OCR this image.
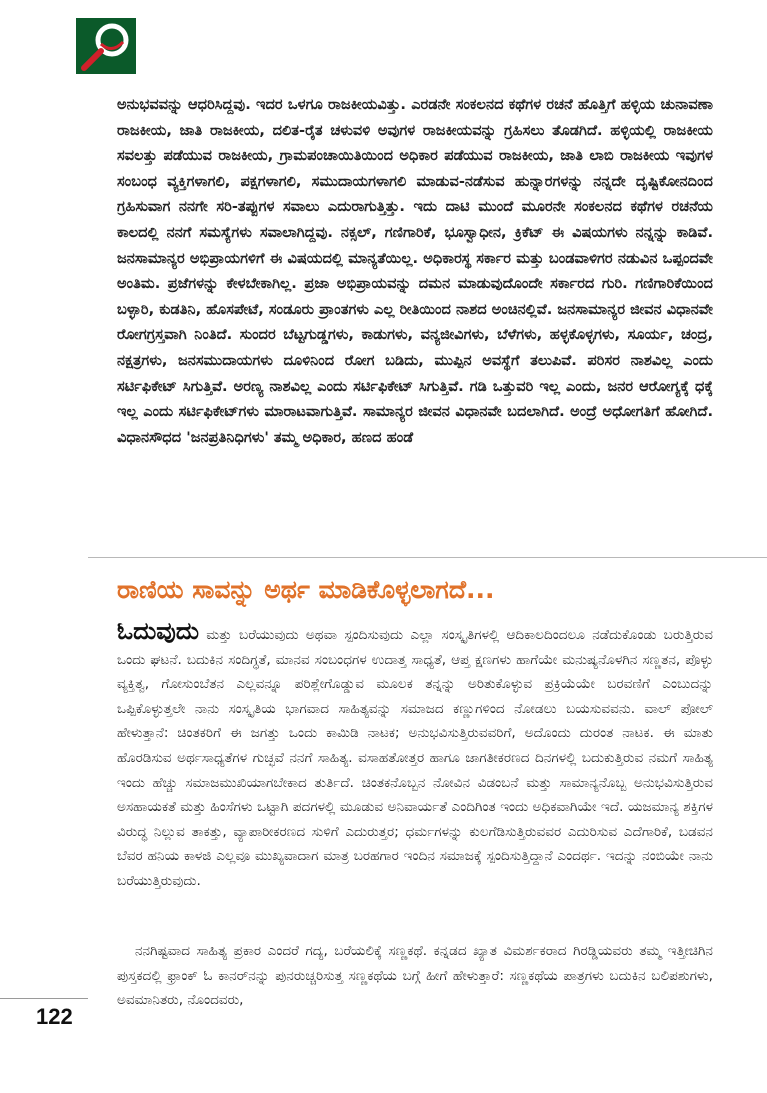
ಅನುಭವವನ್ನು ಆಧರಿಸಿದ್ದವು. ಇದರ ಒಳಗೂ ರಾಜಕೀಯವಿತ್ತು. ಎರಡನೇ ಸಂಕಲನದ ಕಥೆಗಳ ರಚನೆ ಹೊತ್ತಿಗೆ ಹಳ್ಳಿಯ ಚುನಾವಣಾ ರಾಜಕೀಯ, ಜಾತಿ ರಾಜಕೀಯ, ದಲಿತ-ರೈತ ಚಳುವಳಿ ಅವುಗಳ ರಾಜಕೀಯವನ್ನು ಗ್ರಹಿಸಲು ತೊಡಗಿದೆ. ಹಳ್ಳಿಯಲ್ಲಿ ರಾಜಕೀಯ ಸವಲತ್ತು ಪಡೆಯುವ ರಾಜಕೀಯ, ಗ್ರಾಮಪಂಚಾಯಿತಿಯಿಂದ ಅಧಿಕಾರ ಪಡೆಯುವ ರಾಜಕೀಯ, ಜಾತಿ ಲಾಬಿ ರಾಜಕೀಯ ಇವುಗಳ ಸಂಬಂಧ ವ್ಯಕ್ತಿಗಳಾಗಲಿ, ಪಕ್ಷಗಳಾಗಲಿ, ಸಮುದಾಯಗಳಾಗಲಿ ಮಾಡುವ-ನಡೆಸುವ ಹುನ್ನಾರಗಳನ್ನು ನನ್ನದೇ ದೃಷ್ಟಿಕೋನದಿಂದ ಗ್ರಹಿಸುವಾಗ ನನಗೇ ಸರಿ-ತಪ್ಪುಗಳ ಸವಾಲು ಎದುರಾಗುತ್ತಿತ್ತು. ಇದು ದಾಟಿ ಮುಂದೆ ಮೂರನೇ ಸಂಕಲನದ ಕಥೆಗಳ ರಚನೆಯ ಕಾಲದಲ್ಲಿ ನನಗೆ ಸಮಸ್ಯೆಗಳು ಸವಾಲಾಗಿದ್ದವು. ನಕ್ಸಲ್, ಗಣಿಗಾರಿಕೆ, ಭೂಸ್ವಾಧೀನ, ಕ್ರಿಕೆಟ್ ಈ ವಿಷಯಗಳು ನನ್ನನ್ನು ಕಾಡಿವೆ. ಜನಸಾಮಾನ್ಯರ ಅಭಿಪ್ರಾಯಗಳಿಗೆ ಈ ವಿಷಯದಲ್ಲಿ ಮಾನ್ಯತೆಯಿಲ್ಲ. ಅಧಿಕಾರಸ್ಥ ಸರ್ಕಾರ ಮತ್ತು ಬಂಡವಾಳಿಗರ ನಡುವಿನ ಒಪ್ಪಂದವೇ ಅಂತಿಮ. ಪ್ರಜೆಗಳನ್ನು ಕೇಳಬೇಕಾಗಿಲ್ಲ. ಪ್ರಜಾ ಅಭಿಪ್ರಾಯವನ್ನು ದಮನ ಮಾಡುವುದೊಂದೇ ಸರ್ಕಾರದ ಗುರಿ. ಗಣಿಗಾರಿಕೆಯಿಂದ ಬಳ್ಳಾರಿ, ಕುಡತಿನಿ, ಹೊಸಪೇಟೆ, ಸಂಡೂರು ಪ್ರಾಂತಗಳು ಎಲ್ಲ ರೀತಿಯಿಂದ ನಾಶದ ಅಂಚಿನಲ್ಲಿವೆ. ಜನಸಾಮಾನ್ಯರ ಜೀವನ ವಿಧಾನವೇ ರೋಗಗ್ರಸ್ತವಾಗಿ ನಿಂತಿದೆ. ಸುಂದರ ಬೆಟ್ಟಗುಡ್ಡಗಳು, ಕಾಡುಗಳು, ವನ್ಯಜೀವಿಗಳು, ಬೆಳೆಗಳು, ಹಳ್ಳಕೊಳ್ಳಗಳು, ಸೂರ್ಯ, ಚಂದ್ರ, ನಕ್ಷತ್ರಗಳು, ಜನಸಮುದಾಯಗಳು ದೂಳಿನಿಂದ ರೋಗ ಬಡಿದು, ಮುಪ್ಪಿನ ಅವಸ್ಥೆಗೆ ತಲುಪಿವೆ. ಪರಿಸರ ನಾಶವಿಲ್ಲ ಎಂದು ಸರ್ಟಿಫಿಕೇಟ್ ಸಿಗುತ್ತಿವೆ. ಅರಣ್ಯ ನಾಶವಿಲ್ಲ ಎಂದು ಸರ್ಟಿಫಿಕೇಟ್ ಸಿಗುತ್ತಿವೆ. ಗಡಿ ಒತ್ತುವರಿ ಇಲ್ಲ ಎಂದು, ಜನರ ಆರೋಗ್ಯಕ್ಕೆ ಧಕ್ಕೆ ಇಲ್ಲ ಎಂದು ಸರ್ಟಿಫಿಕೇಟ್‌ಗಳು ಮಾರಾಟವಾಗುತ್ತಿವೆ. ಸಾಮಾನ್ಯರ ಜೀವನ ವಿಧಾನವೇ ಬದಲಾಗಿದೆ. ಅಂದ್ರೆ ಅಧೋಗತಿಗೆ ಹೋಗಿದೆ. ವಿಧಾನಸೌಧದ 'ಜನಪ್ರತಿನಿಧಿಗಳು' ತಮ್ಮ ಅಧಿಕಾರ, ಹಣದ ಹಂಡೆ

ರಾಣಿಯ ಸಾವನ್ನು ಅರ್ಥ ಮಾಡಿಕೊಳ್ಳಲಾಗದೆ...

ಓದುವುದು ಮತ್ತು ಬರೆಯುವುದು ಅಥವಾ ಸ್ಪಂದಿಸುವುದು ಎಲ್ಲಾ ಸಂಸ್ಕೃತಿಗಳಲ್ಲಿ ಆದಿಕಾಲದಿಂದಲೂ ನಡೆದುಕೊಂಡು ಬರುತ್ತಿರುವ ಒಂದು ಘಟನೆ. ಬದುಕಿನ ಸಂದಿಗ್ಧತೆ, ಮಾನವ ಸಂಬಂಧಗಳ ಉದಾತ್ತ ಸಾಧ್ಯತೆ, ಆಪ್ತ ಕ್ಷಣಗಳು ಹಾಗೆಯೇ ಮನುಷ್ಯನೊಳಗಿನ ಸಣ್ಣತನ, ಪೊಳ್ಳು ವ್ಯಕ್ತಿತ್ವ, ಗೋಸುಂಬೆತನ ಎಲ್ಲವನ್ನೂ ಪರಿಶ್ಲೇಗೊಡ್ಡುವ ಮೂಲಕ ತನ್ನನ್ನು ಅರಿತುಕೊಳ್ಳುವ ಪ್ರಕ್ರಿಯೆಯೇ ಬರವಣಿಗೆ ಎಂಬುದನ್ನು ಒಪ್ಪಿಕೊಳ್ಳುತ್ತಲೇ ನಾನು ಸಂಸ್ಕೃತಿಯ ಭಾಗವಾದ ಸಾಹಿತ್ಯವನ್ನು ಸಮಾಜದ ಕಣ್ಣುಗಳಿಂದ ನೋಡಲು ಬಯಸುವವನು. ವಾಲ್ ಪೋಲ್ ಹೇಳುತ್ತಾನೆ: ಚಿಂತಕರಿಗೆ ಈ ಜಗತ್ತು ಒಂದು ಕಾಮಿಡಿ ನಾಟಕ; ಅನುಭವಿಸುತ್ತಿರುವವರಿಗೆ, ಅದೊಂದು ದುರಂತ ನಾಟಕ. ಈ ಮಾತು ಹೊರಡಿಸುವ ಅರ್ಥಸಾಧ್ಯತೆಗಳ ಗುಚ್ಛವೆ ನನಗೆ ಸಾಹಿತ್ಯ. ವಸಾಹತೋತ್ತರ ಹಾಗೂ ಜಾಗತೀಕರಣದ ದಿನಗಳಲ್ಲಿ ಬದುಕುತ್ತಿರುವ ನಮಗೆ ಸಾಹಿತ್ಯ ಇಂದು ಹೆಚ್ಚು ಸಮಾಜಮುಖಿಯಾಗಬೇಕಾದ ತುರ್ತಿದೆ. ಚಿಂತಕನೊಬ್ಬನ ನೋವಿನ ವಿಡಂಬನೆ ಮತ್ತು ಸಾಮಾನ್ಯನೊಬ್ಬ ಅನುಭವಿಸುತ್ತಿರುವ ಅಸಹಾಯಕತೆ ಮತ್ತು ಹಿಂಸೆಗಳು ಒಟ್ಟಾಗಿ ಪದಗಳಲ್ಲಿ ಮೂಡುವ ಅನಿವಾರ್ಯತೆ ಎಂದಿಗಿಂತ ಇಂದು ಅಧಿಕವಾಗಿಯೇ ಇದೆ. ಯಜಮಾನ್ಯ ಶಕ್ತಿಗಳ ವಿರುದ್ಧ ನಿಲ್ಲುವ ತಾಕತ್ತು, ವ್ಯಾಪಾರೀಕರಣದ ಸುಳಿಗೆ ಎದುರುತ್ತರ; ಧರ್ಮಗಳನ್ನು ಕುಲಗೆಡಿಸುತ್ತಿರುವವರ ಎದುರಿಸುವ ಎದೆಗಾರಿಕೆ, ಬಡವನ ಬೆವರ ಹನಿಯ ಕಾಳಜಿ ಎಲ್ಲವೂ ಮುಖ್ಯವಾದಾಗ ಮಾತ್ರ ಬರಹಗಾರ ಇಂದಿನ ಸಮಾಜಕ್ಕೆ ಸ್ಪಂದಿಸುತ್ತಿದ್ದಾನೆ ಎಂದರ್ಥ. ಇದನ್ನು ನಂಬಿಯೇ ನಾನು ಬರೆಯುತ್ತಿರುವುದು.

ನನಗಿಷ್ಟವಾದ ಸಾಹಿತ್ಯ ಪ್ರಕಾರ ಎಂದರೆ ಗದ್ಯ, ಬರೆಯಲಿಕ್ಕೆ ಸಣ್ಣಕಥೆ. ಕನ್ನಡದ ಖ್ಯಾತ ವಿಮರ್ಶಕರಾದ ಗಿರಡ್ಡಿಯವರು ತಮ್ಮ ಇತ್ತೀಚಿಗಿನ ಪುಸ್ತಕದಲ್ಲಿ ಫ್ರಾಂಕ್ ಓ ಕಾನರ್‌ನನ್ನು ಪುನರುಚ್ಚರಿಸುತ್ತ ಸಣ್ಣಕಥೆಯ ಬಗ್ಗೆ ಹೀಗೆ ಹೇಳುತ್ತಾರೆ: ಸಣ್ಣಕಥೆಯ ಪಾತ್ರಗಳು ಬದುಕಿನ ಬಲಿಪಶುಗಳು, ಅವಮಾನಿತರು, ನೊಂದವರು,

122
